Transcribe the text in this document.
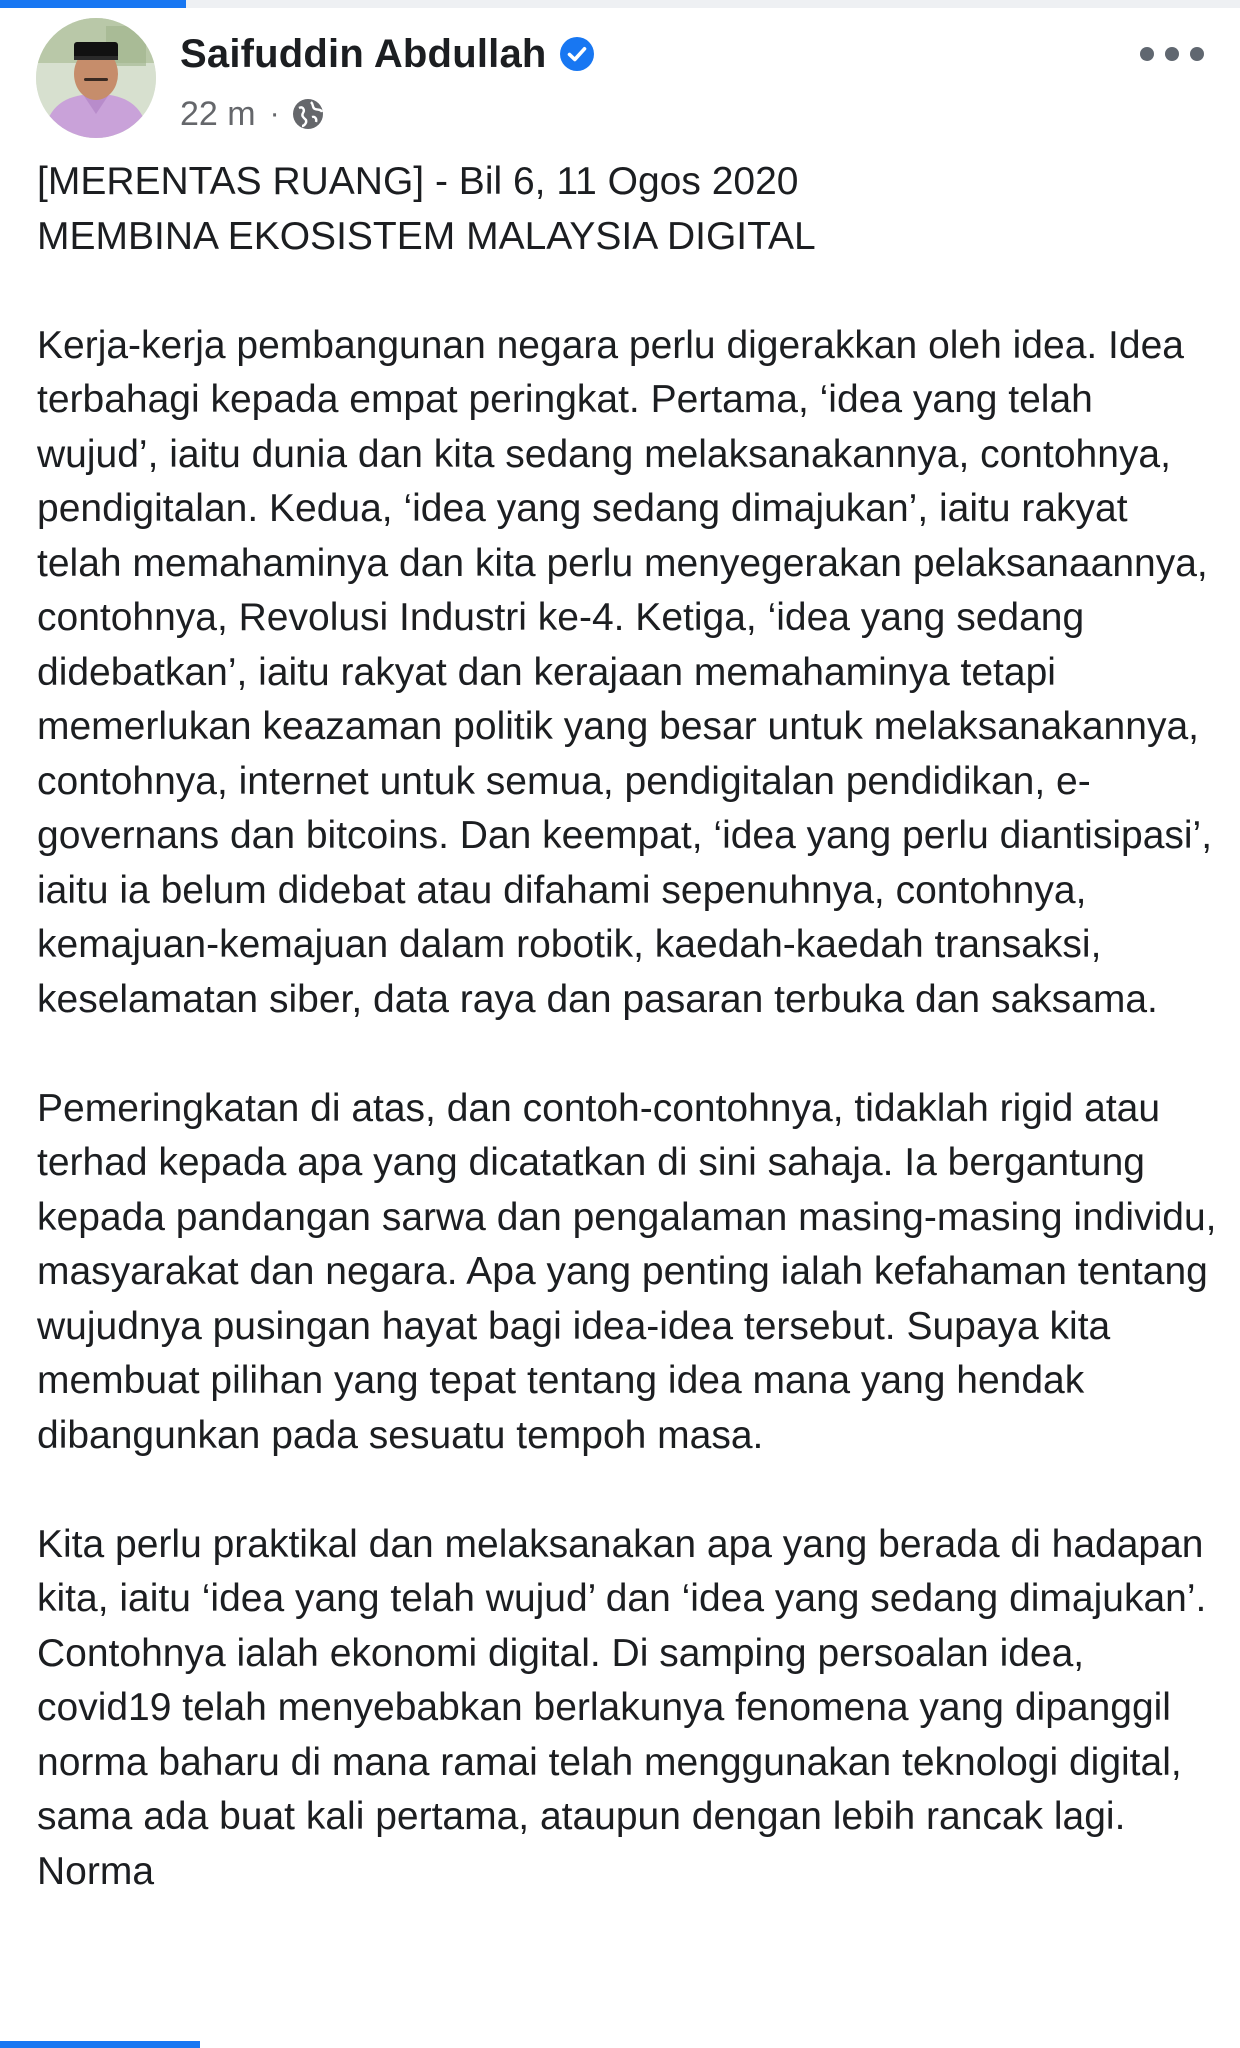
Saifuddin Abdullah
22 m ·

[MERENTAS RUANG] - Bil 6, 11 Ogos 2020

MEMBINA EKOSISTEM MALAYSIA DIGITAL

Kerja-kerja pembangunan negara perlu digerakkan oleh idea. Idea terbahagi kepada empat peringkat. Pertama, ‘idea yang telah wujud’, iaitu dunia dan kita sedang melaksanakannya, contohnya, pendigitalan. Kedua, ‘idea yang sedang dimajukan’, iaitu rakyat telah memahaminya dan kita perlu menyegerakan pelaksanaannya, contohnya, Revolusi Industri ke-4. Ketiga, ‘idea yang sedang didebatkan’, iaitu rakyat dan kerajaan memahaminya tetapi memerlukan keazaman politik yang besar untuk melaksanakannya, contohnya, internet untuk semua, pendigitalan pendidikan, e-governans dan bitcoins. Dan keempat, ‘idea yang perlu diantisipasi’, iaitu ia belum didebat atau difahami sepenuhnya, contohnya, kemajuan-kemajuan dalam robotik, kaedah-kaedah transaksi, keselamatan siber, data raya dan pasaran terbuka dan saksama.

Pemeringkatan di atas, dan contoh-contohnya, tidaklah rigid atau terhad kepada apa yang dicatatkan di sini sahaja. Ia bergantung kepada pandangan sarwa dan pengalaman masing-masing individu, masyarakat dan negara. Apa yang penting ialah kefahaman tentang wujudnya pusingan hayat bagi idea-idea tersebut. Supaya kita membuat pilihan yang tepat tentang idea mana yang hendak dibangunkan pada sesuatu tempoh masa.

Kita perlu praktikal dan melaksanakan apa yang berada di hadapan kita, iaitu ‘idea yang telah wujud’ dan ‘idea yang sedang dimajukan’. Contohnya ialah ekonomi digital. Di samping persoalan idea, covid19 telah menyebabkan berlakunya fenomena yang dipanggil norma baharu di mana ramai telah menggunakan teknologi digital, sama ada buat kali pertama, ataupun dengan lebih rancak lagi. Norma
